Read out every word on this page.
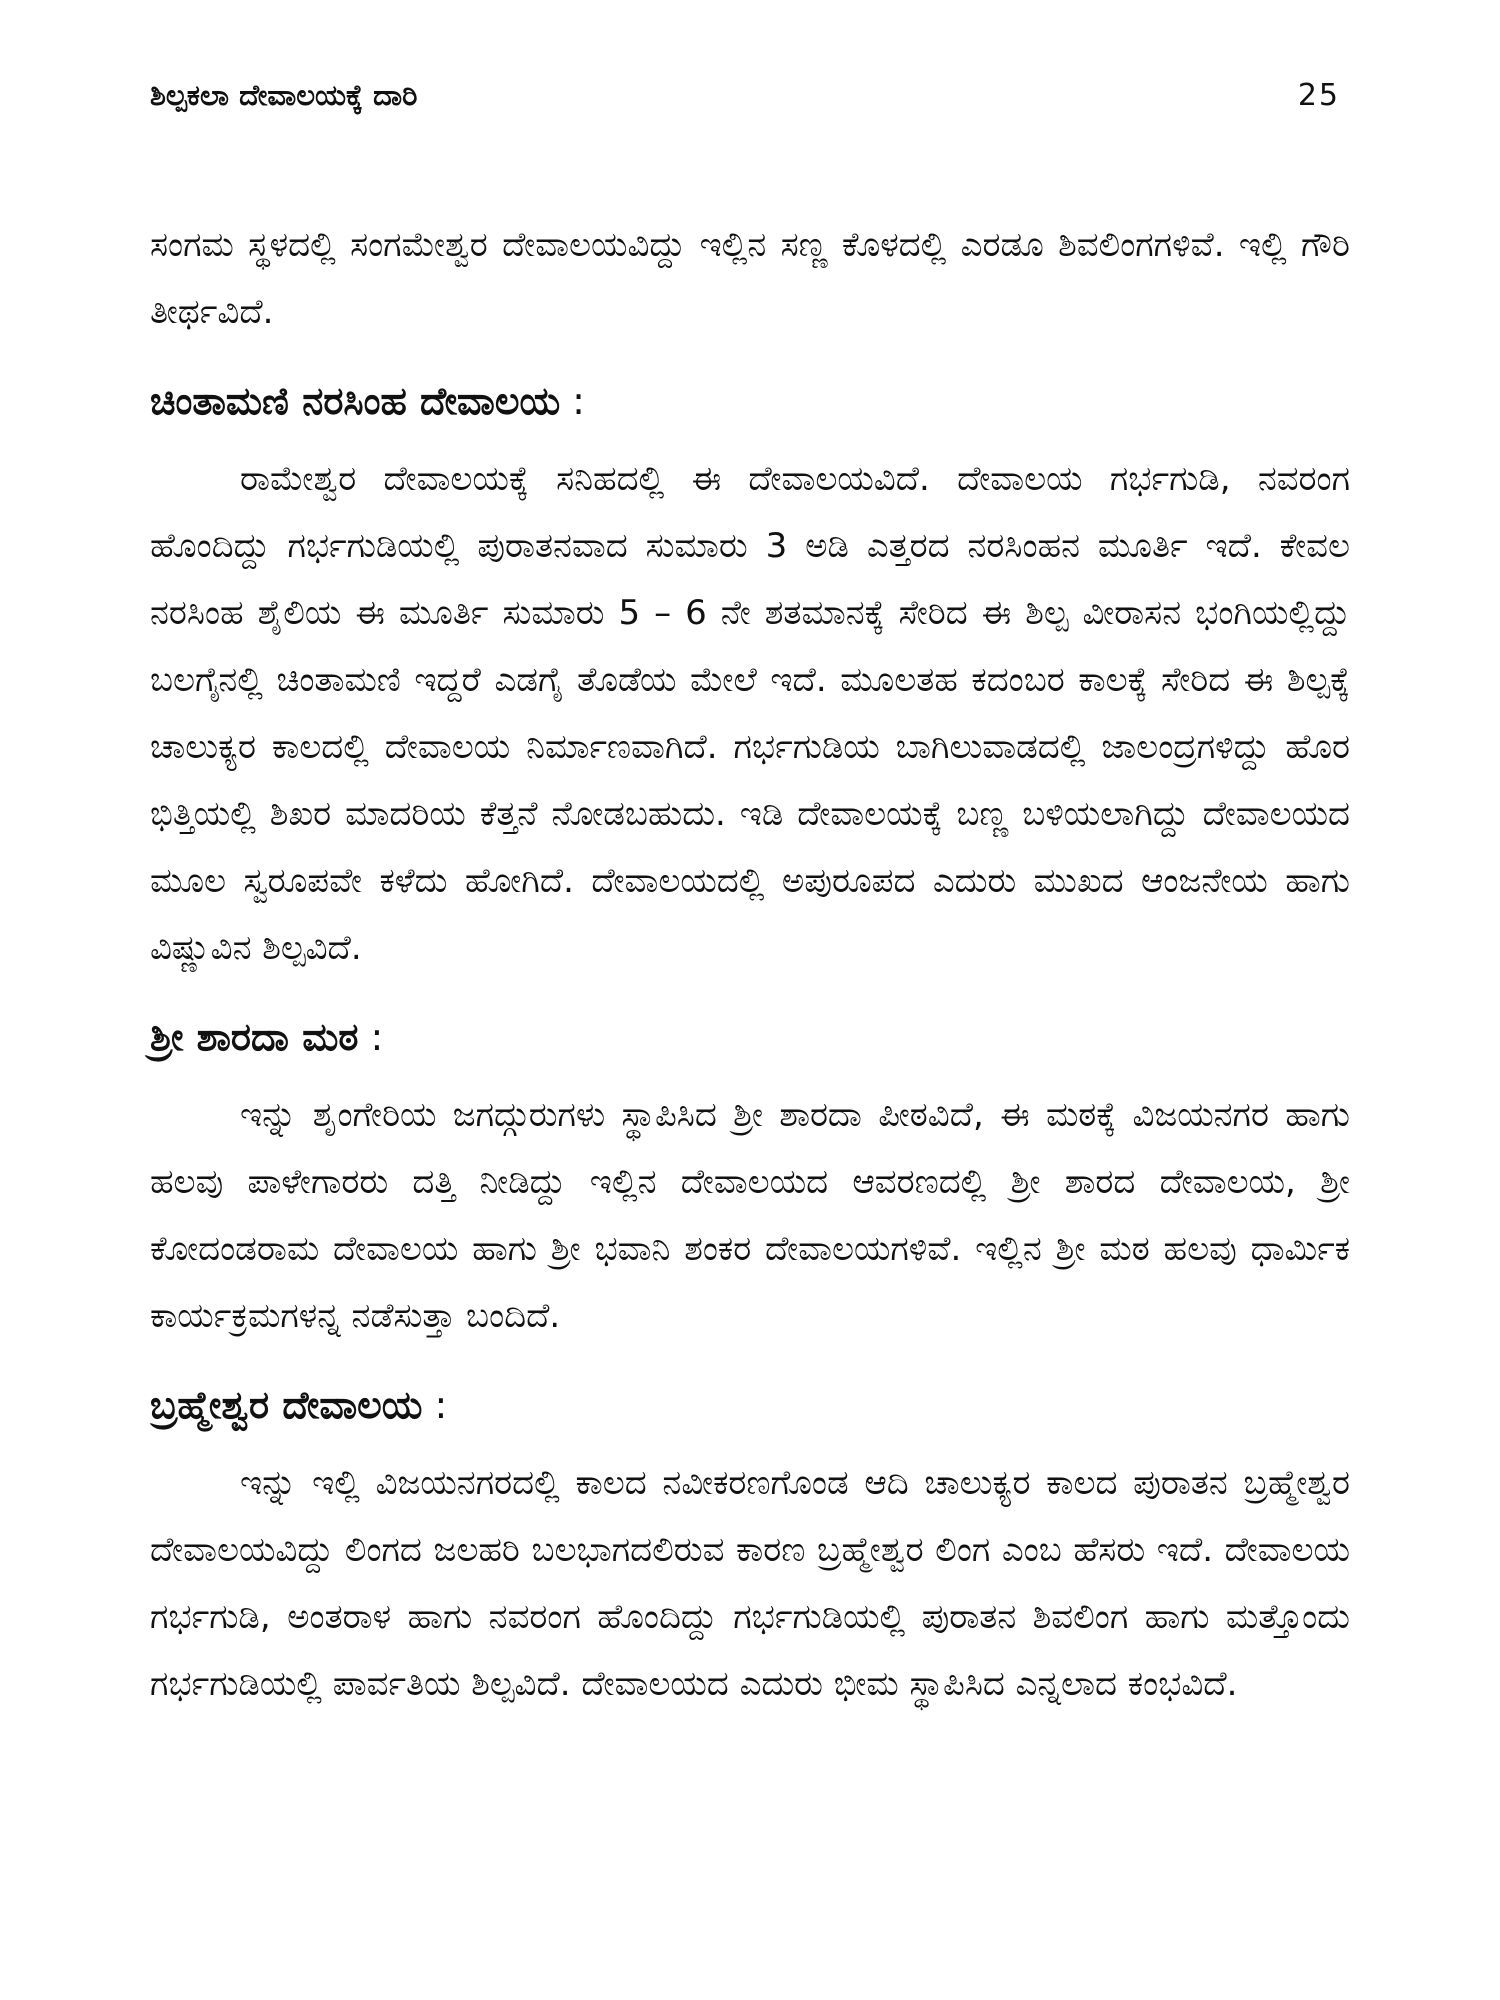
ಶಿಲ್ಪಕಲಾ ದೇವಾಲಯಕ್ಕೆ ದಾರಿ	25

ಸಂಗಮ ಸ್ಥಳದಲ್ಲಿ ಸಂಗಮೇಶ್ವರ ದೇವಾಲಯವಿದ್ದು ಇಲ್ಲಿನ ಸಣ್ಣ ಕೊಳದಲ್ಲಿ ಎರಡೂ ಶಿವಲಿಂಗಗಳಿವೆ. ಇಲ್ಲಿ ಗೌರಿ ತೀರ್ಥವಿದೆ.

ಚಿಂತಾಮಣಿ ನರಸಿಂಹ ದೇವಾಲಯ :

ರಾಮೇಶ್ವರ ದೇವಾಲಯಕ್ಕೆ ಸನಿಹದಲ್ಲಿ ಈ ದೇವಾಲಯವಿದೆ. ದೇವಾಲಯ ಗರ್ಭಗುಡಿ, ನವರಂಗ ಹೊಂದಿದ್ದು ಗರ್ಭಗುಡಿಯಲ್ಲಿ ಪುರಾತನವಾದ ಸುಮಾರು 3 ಅಡಿ ಎತ್ತರದ ನರಸಿಂಹನ ಮೂರ್ತಿ ಇದೆ. ಕೇವಲ ನರಸಿಂಹ ಶೈಲಿಯ ಈ ಮೂರ್ತಿ ಸುಮಾರು 5 – 6 ನೇ ಶತಮಾನಕ್ಕೆ ಸೇರಿದ ಈ ಶಿಲ್ಪ ವೀರಾಸನ ಭಂಗಿಯಲ್ಲಿದ್ದು ಬಲಗೈನಲ್ಲಿ ಚಿಂತಾಮಣಿ ಇದ್ದರೆ ಎಡಗೈ ತೊಡೆಯ ಮೇಲೆ ಇದೆ. ಮೂಲತಹ ಕದಂಬರ ಕಾಲಕ್ಕೆ ಸೇರಿದ ಈ ಶಿಲ್ಪಕ್ಕೆ ಚಾಲುಕ್ಯರ ಕಾಲದಲ್ಲಿ ದೇವಾಲಯ ನಿರ್ಮಾಣವಾಗಿದೆ. ಗರ್ಭಗುಡಿಯ ಬಾಗಿಲುವಾಡದಲ್ಲಿ ಜಾಲಂದ್ರಗಳಿದ್ದು ಹೊರ ಭಿತ್ತಿಯಲ್ಲಿ ಶಿಖರ ಮಾದರಿಯ ಕೆತ್ತನೆ ನೋಡಬಹುದು. ಇಡಿ ದೇವಾಲಯಕ್ಕೆ ಬಣ್ಣ ಬಳಿಯಲಾಗಿದ್ದು ದೇವಾಲಯದ ಮೂಲ ಸ್ವರೂಪವೇ ಕಳೆದು ಹೋಗಿದೆ. ದೇವಾಲಯದಲ್ಲಿ ಅಪುರೂಪದ ಎದುರು ಮುಖದ ಆಂಜನೇಯ ಹಾಗು ವಿಷ್ಣುವಿನ ಶಿಲ್ಪವಿದೆ.

ಶ್ರೀ ಶಾರದಾ ಮಠ :

ಇನ್ನು ಶೃಂಗೇರಿಯ ಜಗದ್ಗುರುಗಳು ಸ್ಥಾಪಿಸಿದ ಶ್ರೀ ಶಾರದಾ ಪೀಠವಿದೆ, ಈ ಮಠಕ್ಕೆ ವಿಜಯನಗರ ಹಾಗು ಹಲವು ಪಾಳೇಗಾರರು ದತ್ತಿ ನೀಡಿದ್ದು ಇಲ್ಲಿನ ದೇವಾಲಯದ ಆವರಣದಲ್ಲಿ ಶ್ರೀ ಶಾರದ ದೇವಾಲಯ, ಶ್ರೀ ಕೋದಂಡರಾಮ ದೇವಾಲಯ ಹಾಗು ಶ್ರೀ ಭವಾನಿ ಶಂಕರ ದೇವಾಲಯಗಳಿವೆ. ಇಲ್ಲಿನ ಶ್ರೀ ಮಠ ಹಲವು ಧಾರ್ಮಿಕ ಕಾರ್ಯಕ್ರಮಗಳನ್ನ ನಡೆಸುತ್ತಾ ಬಂದಿದೆ.

ಬ್ರಹ್ಮೇಶ್ವರ ದೇವಾಲಯ :

ಇನ್ನು ಇಲ್ಲಿ ವಿಜಯನಗರದಲ್ಲಿ ಕಾಲದ ನವೀಕರಣಗೊಂಡ ಆದಿ ಚಾಲುಕ್ಯರ ಕಾಲದ ಪುರಾತನ ಬ್ರಹ್ಮೇಶ್ವರ ದೇವಾಲಯವಿದ್ದು ಲಿಂಗದ ಜಲಹರಿ ಬಲಭಾಗದಲಿರುವ ಕಾರಣ ಬ್ರಹ್ಮೇಶ್ವರ ಲಿಂಗ ಎಂಬ ಹೆಸರು ಇದೆ. ದೇವಾಲಯ ಗರ್ಭಗುಡಿ, ಅಂತರಾಳ ಹಾಗು ನವರಂಗ ಹೊಂದಿದ್ದು ಗರ್ಭಗುಡಿಯಲ್ಲಿ ಪುರಾತನ ಶಿವಲಿಂಗ ಹಾಗು ಮತ್ತೊಂದು ಗರ್ಭಗುಡಿಯಲ್ಲಿ ಪಾರ್ವತಿಯ ಶಿಲ್ಪವಿದೆ. ದೇವಾಲಯದ ಎದುರು ಭೀಮ ಸ್ಥಾಪಿಸಿದ ಎನ್ನಲಾದ ಕಂಭವಿದೆ.
